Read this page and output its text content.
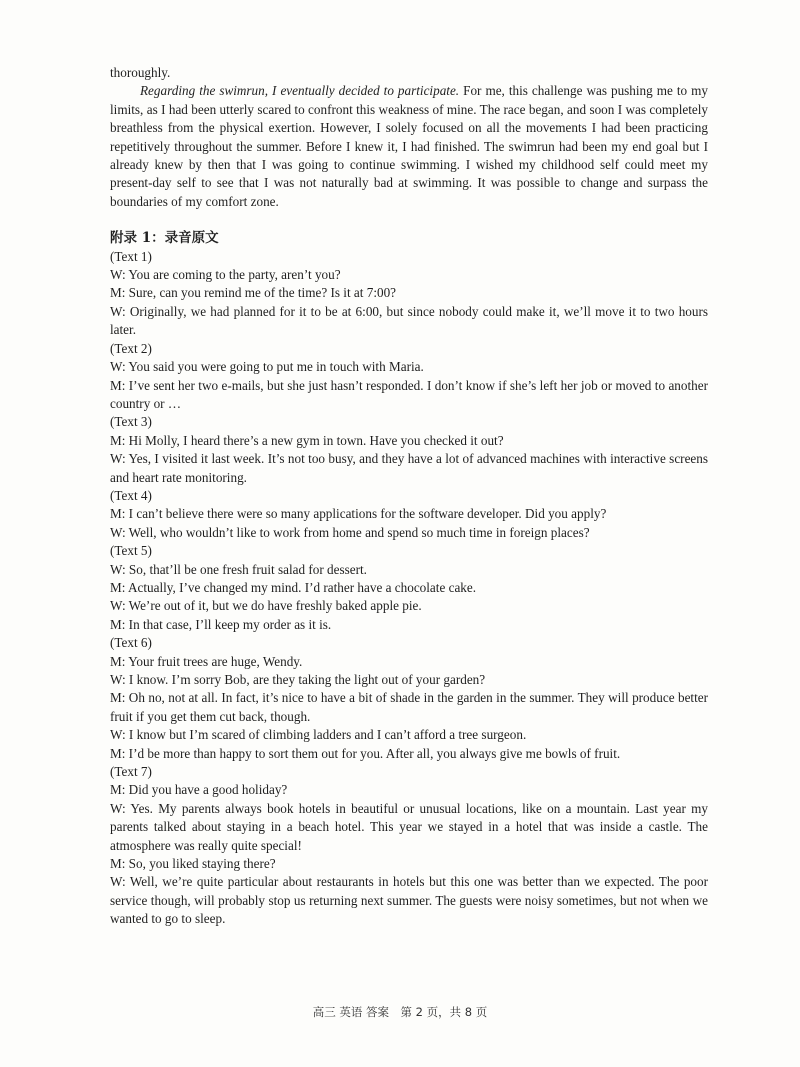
thoroughly.

Regarding the swimrun, I eventually decided to participate. For me, this challenge was pushing me to my limits, as I had been utterly scared to confront this weakness of mine. The race began, and soon I was completely breathless from the physical exertion. However, I solely focused on all the movements I had been practicing repetitively throughout the summer. Before I knew it, I had finished. The swimrun had been my end goal but I already knew by then that I was going to continue swimming. I wished my childhood self could meet my present-day self to see that I was not naturally bad at swimming. It was possible to change and surpass the boundaries of my comfort zone.

附录 1：录音原文

(Text 1)

W: You are coming to the party, aren’t you?

M: Sure, can you remind me of the time? Is it at 7:00?

W: Originally, we had planned for it to be at 6:00, but since nobody could make it, we’ll move it to two hours later.

(Text 2)

W: You said you were going to put me in touch with Maria.

M: I’ve sent her two e-mails, but she just hasn’t responded. I don’t know if she’s left her job or moved to another country or …

(Text 3)

M: Hi Molly, I heard there’s a new gym in town. Have you checked it out?

W: Yes, I visited it last week. It’s not too busy, and they have a lot of advanced machines with interactive screens and heart rate monitoring.

(Text 4)

M: I can’t believe there were so many applications for the software developer. Did you apply?

W: Well, who wouldn’t like to work from home and spend so much time in foreign places?

(Text 5)

W: So, that’ll be one fresh fruit salad for dessert.

M: Actually, I’ve changed my mind. I’d rather have a chocolate cake.

W: We’re out of it, but we do have freshly baked apple pie.

M: In that case, I’ll keep my order as it is.

(Text 6)

M: Your fruit trees are huge, Wendy.

W: I know. I’m sorry Bob, are they taking the light out of your garden?

M: Oh no, not at all. In fact, it’s nice to have a bit of shade in the garden in the summer. They will produce better fruit if you get them cut back, though.

W: I know but I’m scared of climbing ladders and I can’t afford a tree surgeon.

M: I’d be more than happy to sort them out for you. After all, you always give me bowls of fruit.

(Text 7)

M: Did you have a good holiday?

W: Yes. My parents always book hotels in beautiful or unusual locations, like on a mountain. Last year my parents talked about staying in a beach hotel. This year we stayed in a hotel that was inside a castle. The atmosphere was really quite special!

M: So, you liked staying there?

W: Well, we’re quite particular about restaurants in hotels but this one was better than we expected. The poor service though, will probably stop us returning next summer. The guests were noisy sometimes, but not when we wanted to go to sleep.

高三 英语 答案　第 2 页，共 8 页
